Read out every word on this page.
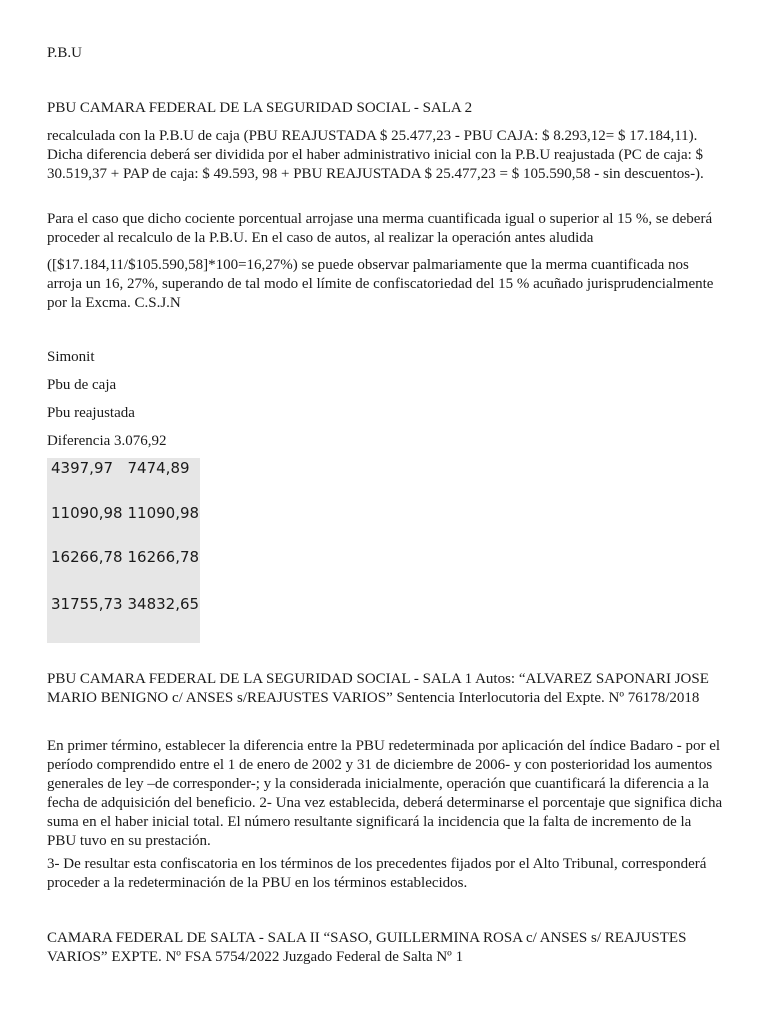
P.B.U

PBU CAMARA FEDERAL DE LA SEGURIDAD SOCIAL - SALA 2

recalculada con la P.B.U de caja (PBU REAJUSTADA $ 25.477,23 - PBU CAJA: $ 8.293,12= $ 17.184,11). Dicha diferencia deberá ser dividida por el haber administrativo inicial con la P.B.U reajustada (PC de caja: $ 30.519,37 + PAP de caja: $ 49.593, 98 + PBU REAJUSTADA $ 25.477,23 = $ 105.590,58 - sin descuentos-).

Para el caso que dicho cociente porcentual arrojase una merma cuantificada igual o superior al 15 %, se deberá proceder al recalculo de la P.B.U. En el caso de autos, al realizar la operación antes aludida

([$17.184,11/$105.590,58]*100=16,27%) se puede observar palmariamente que la merma cuantificada nos arroja un 16, 27%, superando de tal modo el límite de confiscatoriedad del 15 % acuñado jurisprudencialmente por la Excma. C.S.J.N

Simonit

Pbu de caja

Pbu reajustada

Diferencia 3.076,92

4397,97	7474,89
11090,98	11090,98
16266,78	16266,78
31755,73	34832,65

PBU CAMARA FEDERAL DE LA SEGURIDAD SOCIAL - SALA 1 Autos: “ALVAREZ SAPONARI JOSE MARIO BENIGNO c/ ANSES s/REAJUSTES VARIOS” Sentencia Interlocutoria del Expte. Nº 76178/2018

En primer término, establecer la diferencia entre la PBU redeterminada por aplicación del índice Badaro - por el período comprendido entre el 1 de enero de 2002 y 31 de diciembre de 2006- y con posterioridad los aumentos generales de ley –de corresponder-; y la considerada inicialmente, operación que cuantificará la diferencia a la fecha de adquisición del beneficio. 2- Una vez establecida, deberá determinarse el porcentaje que significa dicha suma en el haber inicial total. El número resultante significará la incidencia que la falta de incremento de la PBU tuvo en su prestación.

3- De resultar esta confiscatoria en los términos de los precedentes fijados por el Alto Tribunal, corresponderá proceder a la redeterminación de la PBU en los términos establecidos.

CAMARA FEDERAL DE SALTA - SALA II “SASO, GUILLERMINA ROSA c/ ANSES s/ REAJUSTES VARIOS” EXPTE. Nº FSA 5754/2022 Juzgado Federal de Salta Nº 1
